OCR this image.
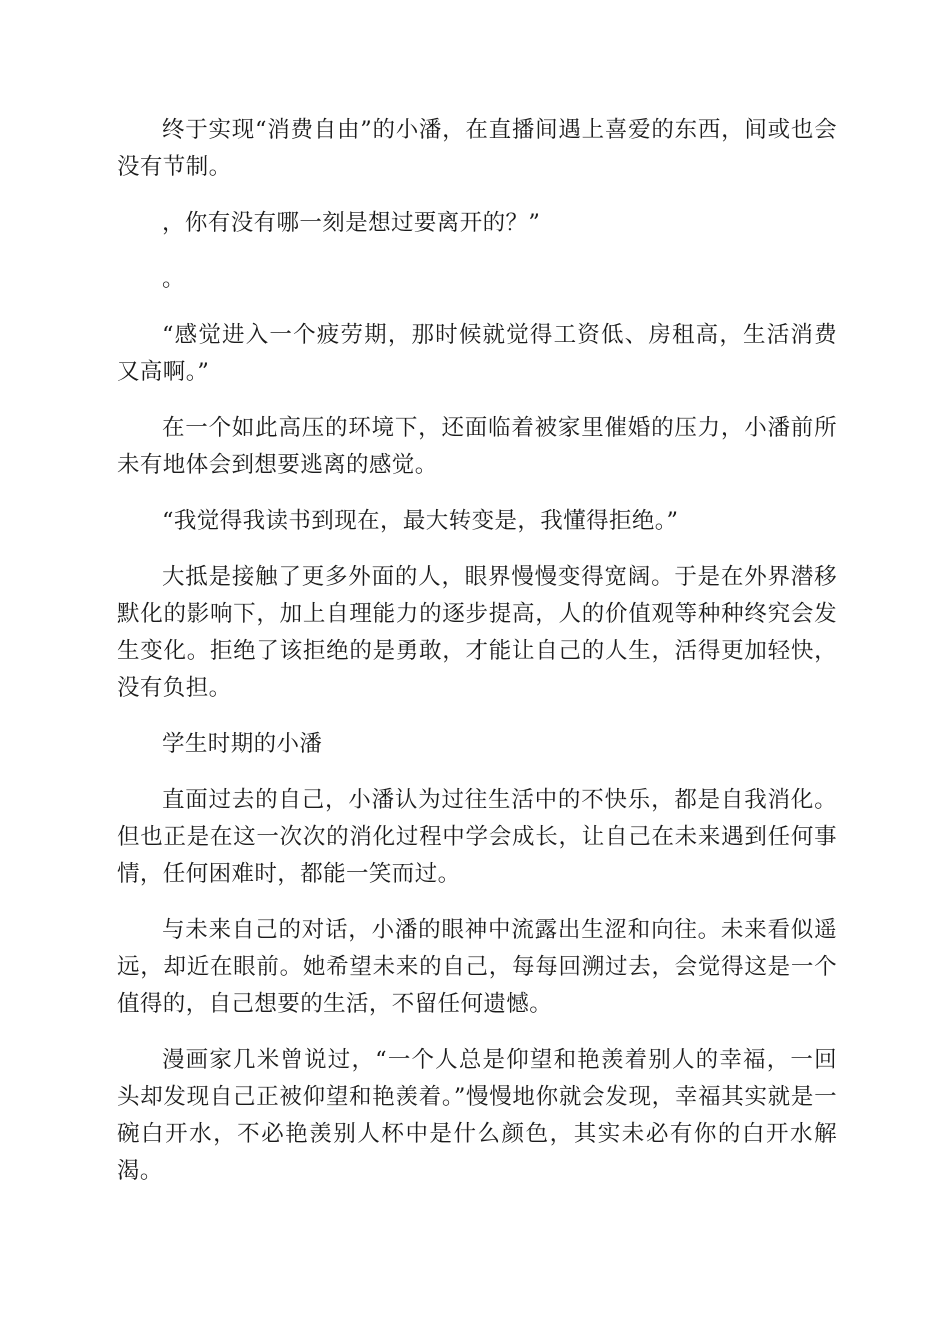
终于实现“消费自由”的小潘，在直播间遇上喜爱的东西，间或也会没有节制。

，你有没有哪一刻是想过要离开的？”

。

“感觉进入一个疲劳期，那时候就觉得工资低、房租高，生活消费又高啊。”

在一个如此高压的环境下，还面临着被家里催婚的压力，小潘前所未有地体会到想要逃离的感觉。

“我觉得我读书到现在，最大转变是，我懂得拒绝。”

大抵是接触了更多外面的人，眼界慢慢变得宽阔。于是在外界潜移默化的影响下，加上自理能力的逐步提高，人的价值观等种种终究会发生变化。拒绝了该拒绝的是勇敢，才能让自己的人生，活得更加轻快，没有负担。

学生时期的小潘

直面过去的自己，小潘认为过往生活中的不快乐，都是自我消化。但也正是在这一次次的消化过程中学会成长，让自己在未来遇到任何事情，任何困难时，都能一笑而过。

与未来自己的对话，小潘的眼神中流露出生涩和向往。未来看似遥远，却近在眼前。她希望未来的自己，每每回溯过去，会觉得这是一个值得的，自己想要的生活，不留任何遗憾。

漫画家几米曾说过，“一个人总是仰望和艳羡着别人的幸福，一回头却发现自己正被仰望和艳羡着。”慢慢地你就会发现，幸福其实就是一碗白开水，不必艳羡别人杯中是什么颜色，其实未必有你的白开水解渴。
